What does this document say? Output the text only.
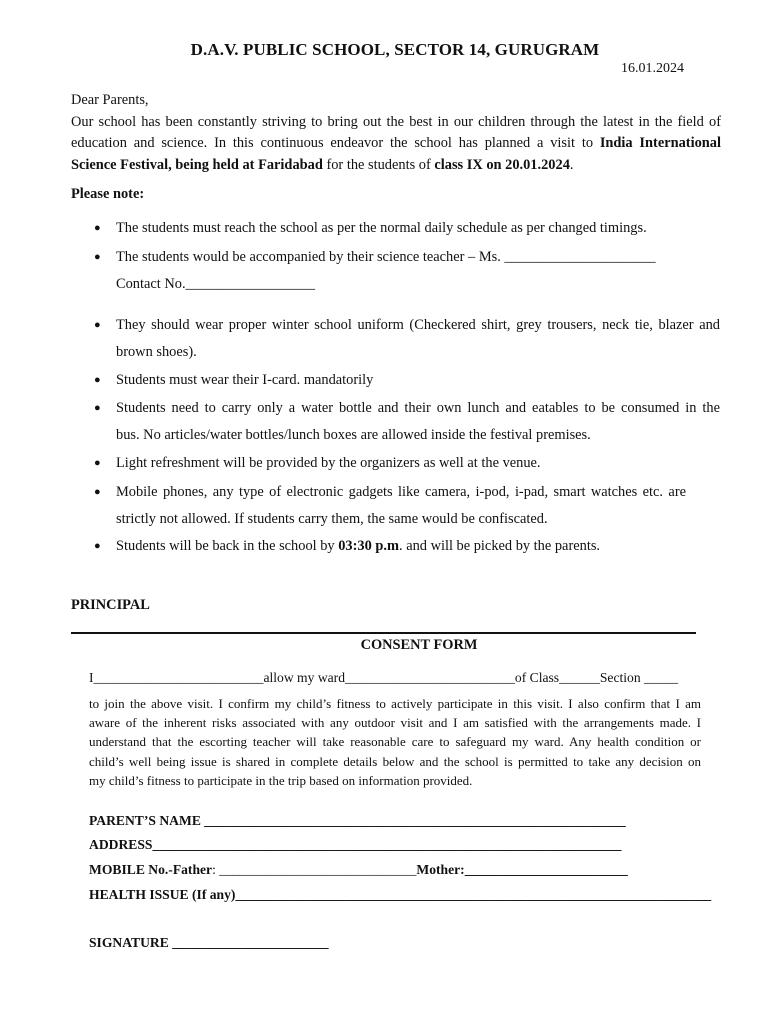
D.A.V. PUBLIC SCHOOL, SECTOR 14, GURUGRAM
16.01.2024
Dear Parents,
Our school has been constantly striving to bring out the best in our children through the latest in the field of
education and science. In this continuous endeavor the school has planned a visit to India International
Science Festival, being held at Faridabad for the students of class IX on 20.01.2024.
Please note:
● The students must reach the school as per the normal daily schedule as per changed timings.
● The students would be accompanied by their science teacher – Ms. _____________________
Contact No.__________________
● They should wear proper winter school uniform (Checkered shirt, grey trousers, neck tie, blazer and
brown shoes).
● Students must wear their I-card. mandatorily
● Students need to carry only a water bottle and their own lunch and eatables to be consumed in the
bus. No articles/water bottles/lunch boxes are allowed inside the festival premises.
● Light refreshment will be provided by the organizers as well at the venue.
● Mobile phones, any type of electronic gadgets like camera, i-pod, i-pad, smart watches etc. are
strictly not allowed. If students carry them, the same would be confiscated.
● Students will be back in the school by 03:30 p.m. and will be picked by the parents.
PRINCIPAL
CONSENT FORM
I_________________________allow my ward_________________________of Class______Section _____
to join the above visit. I confirm my child’s fitness to actively participate in this visit. I also confirm that I am
aware of the inherent risks associated with any outdoor visit and I am satisfied with the arrangements made. I
understand that the escorting teacher will take reasonable care to safeguard my ward. Any health condition or
child’s well being issue is shared in complete details below and the school is permitted to take any decision on
my child’s fitness to participate in the trip based on information provided.
PARENT’S NAME ______________________________________________________________
ADDRESS_____________________________________________________________________
MOBILE No.-Father: _____________________________Mother:________________________
HEALTH ISSUE (If any)______________________________________________________________________
SIGNATURE _______________________
